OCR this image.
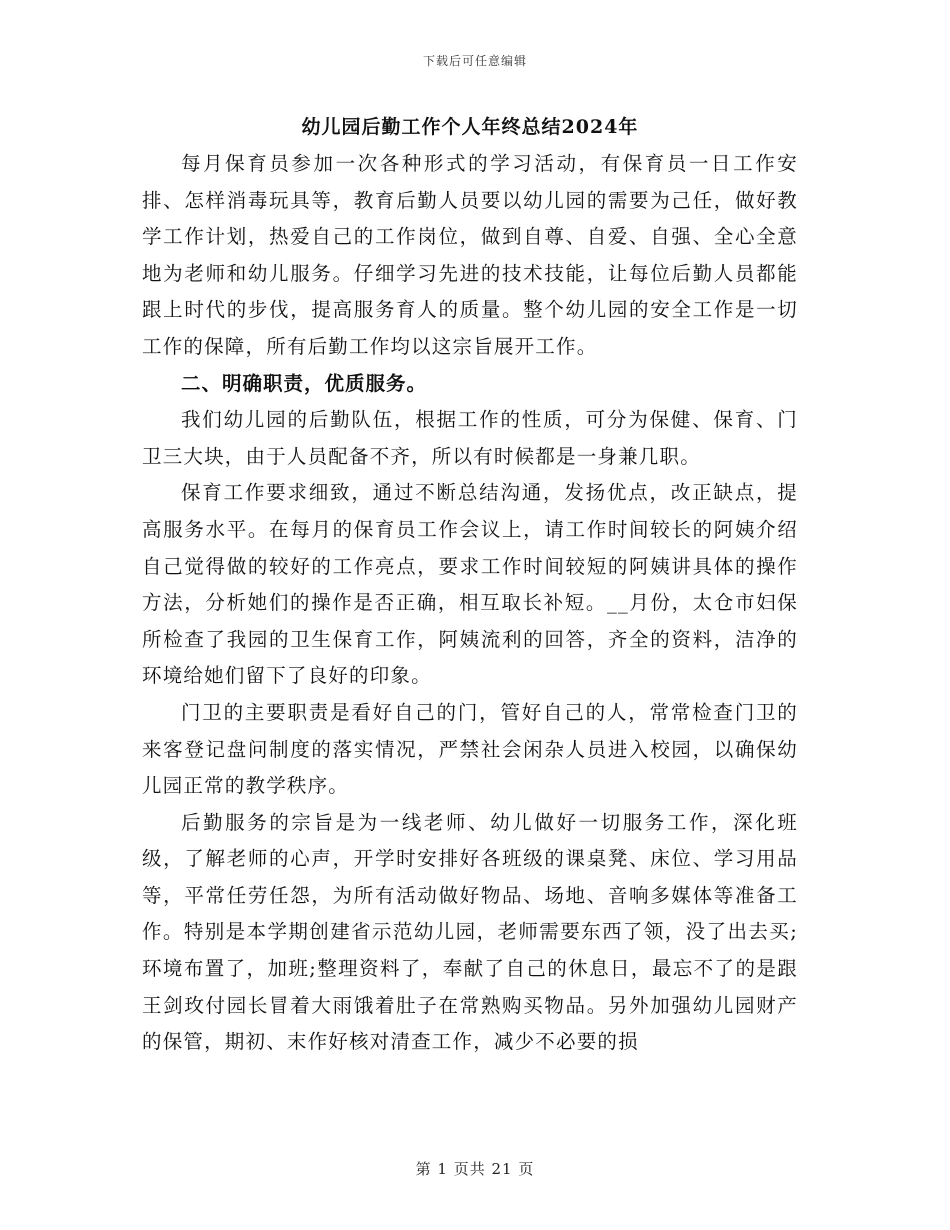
下载后可任意编辑
幼儿园后勤工作个人年终总结2024年

每月保育员参加一次各种形式的学习活动，有保育员一日工作安排、怎样消毒玩具等，教育后勤人员要以幼儿园的需要为己任，做好教学工作计划，热爱自己的工作岗位，做到自尊、自爱、自强、全心全意地为老师和幼儿服务。仔细学习先进的技术技能，让每位后勤人员都能跟上时代的步伐，提高服务育人的质量。整个幼儿园的安全工作是一切工作的保障，所有后勤工作均以这宗旨展开工作。

二、明确职责，优质服务。

我们幼儿园的后勤队伍，根据工作的性质，可分为保健、保育、门卫三大块，由于人员配备不齐，所以有时候都是一身兼几职。

保育工作要求细致，通过不断总结沟通，发扬优点，改正缺点，提高服务水平。在每月的保育员工作会议上，请工作时间较长的阿姨介绍自己觉得做的较好的工作亮点，要求工作时间较短的阿姨讲具体的操作方法，分析她们的操作是否正确，相互取长补短。__月份，太仓市妇保所检查了我园的卫生保育工作，阿姨流利的回答，齐全的资料，洁净的环境给她们留下了良好的印象。

门卫的主要职责是看好自己的门，管好自己的人，常常检查门卫的来客登记盘问制度的落实情况，严禁社会闲杂人员进入校园，以确保幼儿园正常的教学秩序。

后勤服务的宗旨是为一线老师、幼儿做好一切服务工作，深化班级，了解老师的心声，开学时安排好各班级的课桌凳、床位、学习用品等，平常任劳任怨，为所有活动做好物品、场地、音响多媒体等准备工作。特别是本学期创建省示范幼儿园，老师需要东西了领，没了出去买;环境布置了，加班;整理资料了，奉献了自己的休息日，最忘不了的是跟王剑玫付园长冒着大雨饿着肚子在常熟购买物品。另外加强幼儿园财产的保管，期初、末作好核对清查工作，减少不必要的损

第 1 页共 21 页
